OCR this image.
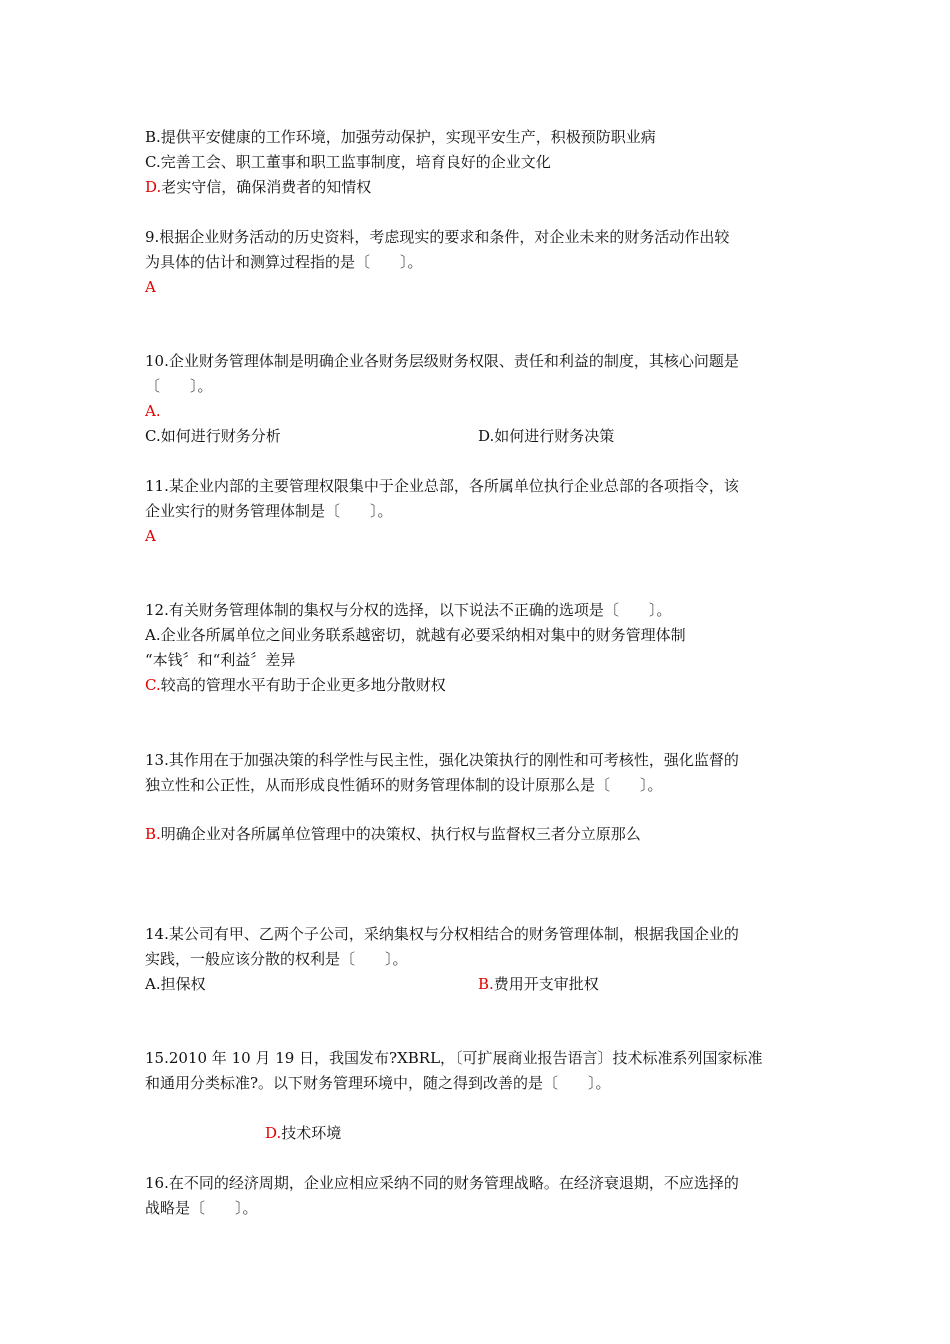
B.提供平安健康的工作环境，加强劳动保护，实现平安生产，积极预防职业病
C.完善工会、职工董事和职工监事制度，培育良好的企业文化
D.老实守信，确保消费者的知情权
9.根据企业财务活动的历史资料，考虑现实的要求和条件，对企业未来的财务活动作出较
为具体的估计和测算过程指的是〔　　〕。
A
10.企业财务管理体制是明确企业各财务层级财务权限、责任和利益的制度，其核心问题是
〔　　〕。
A.
C.如何进行财务分析	D.如何进行财务决策
11.某企业内部的主要管理权限集中于企业总部，各所属单位执行企业总部的各项指令，该
企业实行的财务管理体制是〔　　〕。
A
12.有关财务管理体制的集权与分权的选择，以下说法不正确的选项是〔　　〕。
A.企业各所属单位之间业务联系越密切，就越有必要采纳相对集中的财务管理体制
“本钱〞和“利益〞差异
C.较高的管理水平有助于企业更多地分散财权
13.其作用在于加强决策的科学性与民主性，强化决策执行的刚性和可考核性，强化监督的
独立性和公正性，从而形成良性循环的财务管理体制的设计原那么是〔　　〕。
B.明确企业对各所属单位管理中的决策权、执行权与监督权三者分立原那么
14.某公司有甲、乙两个子公司，采纳集权与分权相结合的财务管理体制，根据我国企业的
实践，一般应该分散的权利是〔　　〕。
A.担保权	B.费用开支审批权
15.2010 年 10 月 19 日，我国发布?XBRL，〔可扩展商业报告语言〕技术标准系列国家标准
和通用分类标准?。以下财务管理环境中，随之得到改善的是〔　　〕。
D.技术环境
16.在不同的经济周期，企业应相应采纳不同的财务管理战略。在经济衰退期，不应选择的
战略是〔　　〕。
